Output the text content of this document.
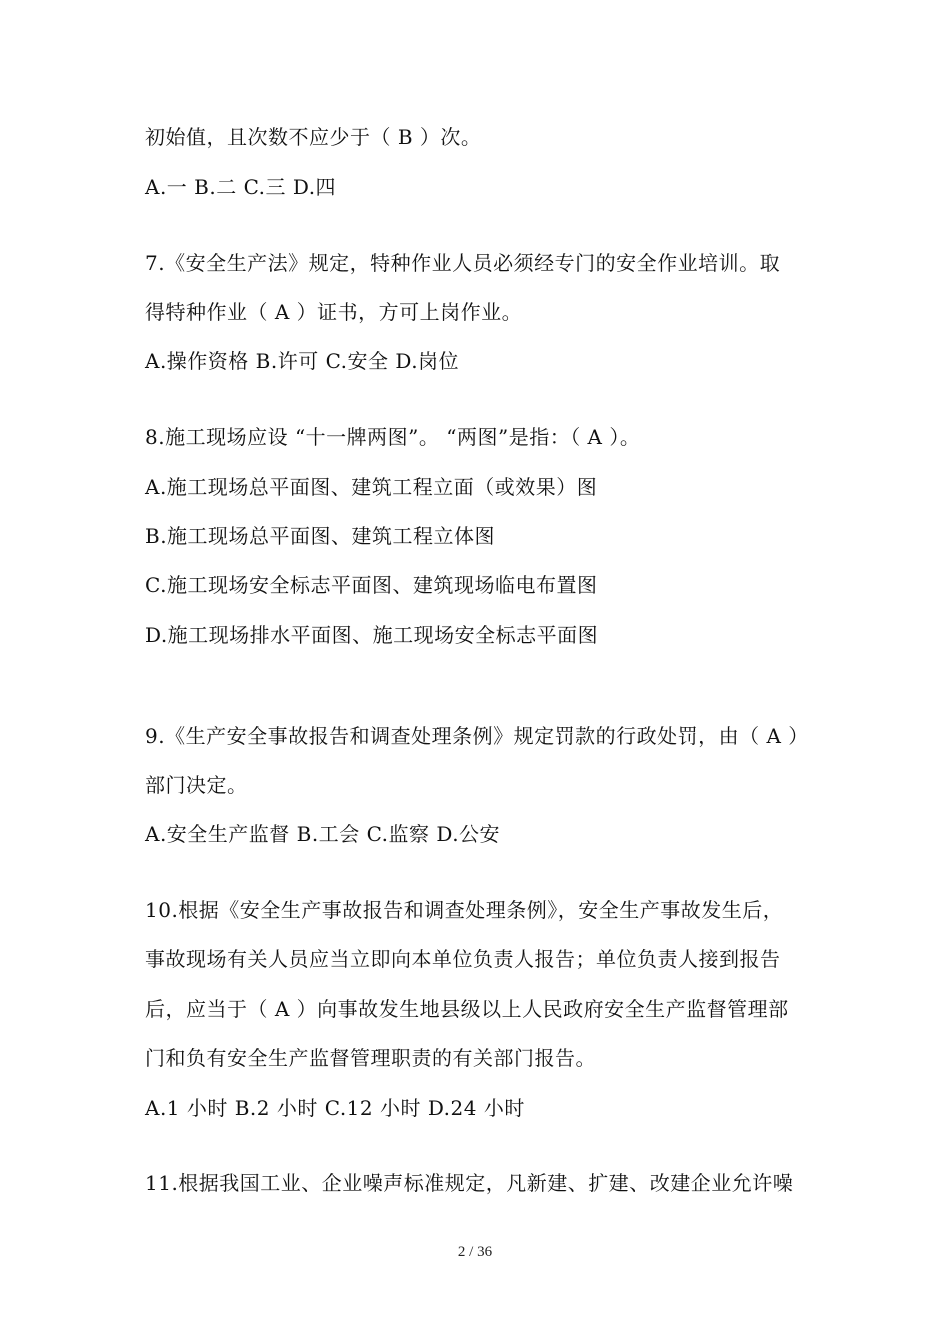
初始值，且次数不应少于（ B ）次。
A.一 B.二 C.三 D.四
7.《安全生产法》规定，特种作业人员必须经专门的安全作业培训。取
得特种作业（ A ）证书，方可上岗作业。
A.操作资格 B.许可 C.安全 D.岗位
8.施工现场应设 “十一牌两图”。 “两图”是指：（ A ）。
A.施工现场总平面图、建筑工程立面（或效果）图
B.施工现场总平面图、建筑工程立体图
C.施工现场安全标志平面图、建筑现场临电布置图
D.施工现场排水平面图、施工现场安全标志平面图
9.《生产安全事故报告和调查处理条例》规定罚款的行政处罚，由（ A ）
部门决定。
A.安全生产监督 B.工会 C.监察 D.公安
10.根据《安全生产事故报告和调查处理条例》，安全生产事故发生后，
事故现场有关人员应当立即向本单位负责人报告；单位负责人接到报告
后，应当于（ A ）向事故发生地县级以上人民政府安全生产监督管理部
门和负有安全生产监督管理职责的有关部门报告。
A.1 小时 B.2 小时 C.12 小时 D.24 小时
11.根据我国工业、企业噪声标准规定，凡新建、扩建、改建企业允许噪
2 / 36
